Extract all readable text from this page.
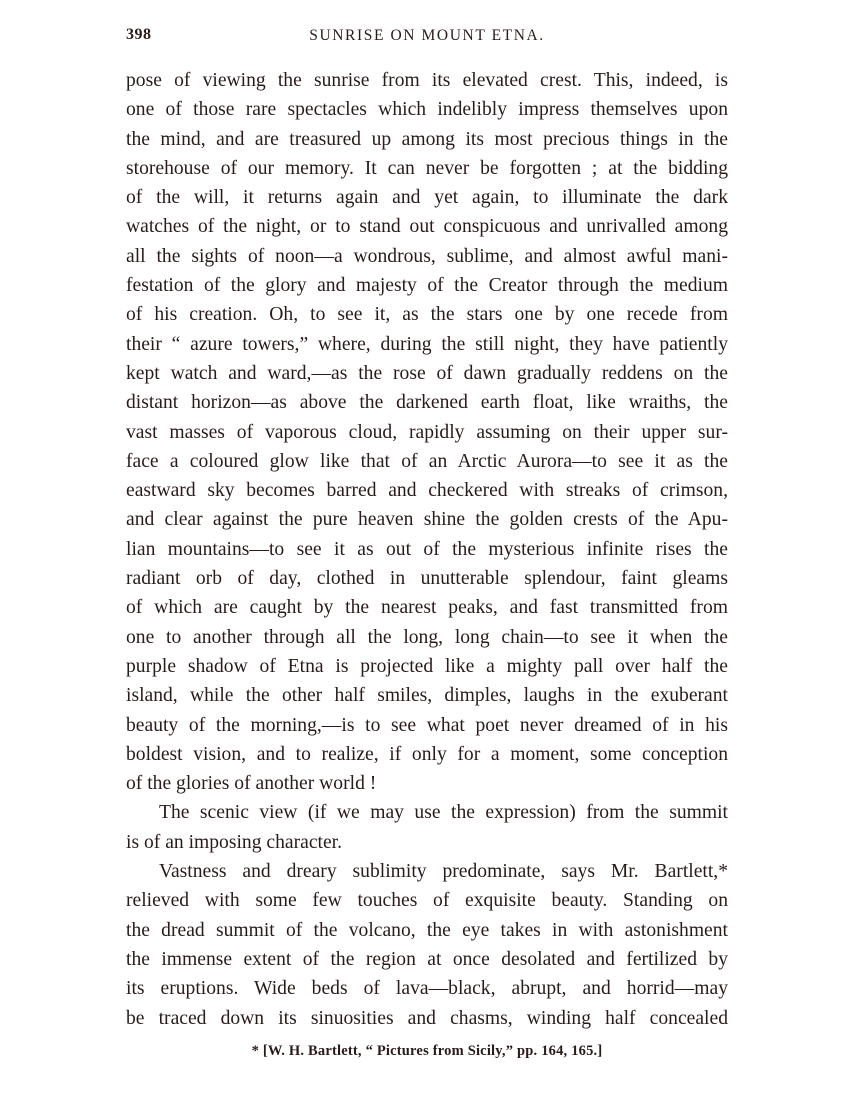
398	SUNRISE ON MOUNT ETNA.
pose of viewing the sunrise from its elevated crest. This, indeed, is
one of those rare spectacles which indelibly impress themselves upon
the mind, and are treasured up among its most precious things in the
storehouse of our memory. It can never be forgotten ; at the bidding
of the will, it returns again and yet again, to illuminate the dark
watches of the night, or to stand out conspicuous and unrivalled among
all the sights of noon—a wondrous, sublime, and almost awful mani-
festation of the glory and majesty of the Creator through the medium
of his creation. Oh, to see it, as the stars one by one recede from
their “ azure towers,” where, during the still night, they have patiently
kept watch and ward,—as the rose of dawn gradually reddens on the
distant horizon—as above the darkened earth float, like wraiths, the
vast masses of vaporous cloud, rapidly assuming on their upper sur-
face a coloured glow like that of an Arctic Aurora—to see it as the
eastward sky becomes barred and checkered with streaks of crimson,
and clear against the pure heaven shine the golden crests of the Apu-
lian mountains—to see it as out of the mysterious infinite rises the
radiant orb of day, clothed in unutterable splendour, faint gleams
of which are caught by the nearest peaks, and fast transmitted from
one to another through all the long, long chain—to see it when the
purple shadow of Etna is projected like a mighty pall over half the
island, while the other half smiles, dimples, laughs in the exuberant
beauty of the morning,—is to see what poet never dreamed of in his
boldest vision, and to realize, if only for a moment, some conception
of the glories of another world !
The scenic view (if we may use the expression) from the summit
is of an imposing character.
Vastness and dreary sublimity predominate, says Mr. Bartlett,*
relieved with some few touches of exquisite beauty. Standing on
the dread summit of the volcano, the eye takes in with astonishment
the immense extent of the region at once desolated and fertilized by
its eruptions. Wide beds of lava—black, abrupt, and horrid—may
be traced down its sinuosities and chasms, winding half concealed
* [W. H. Bartlett, “ Pictures from Sicily,” pp. 164, 165.]
